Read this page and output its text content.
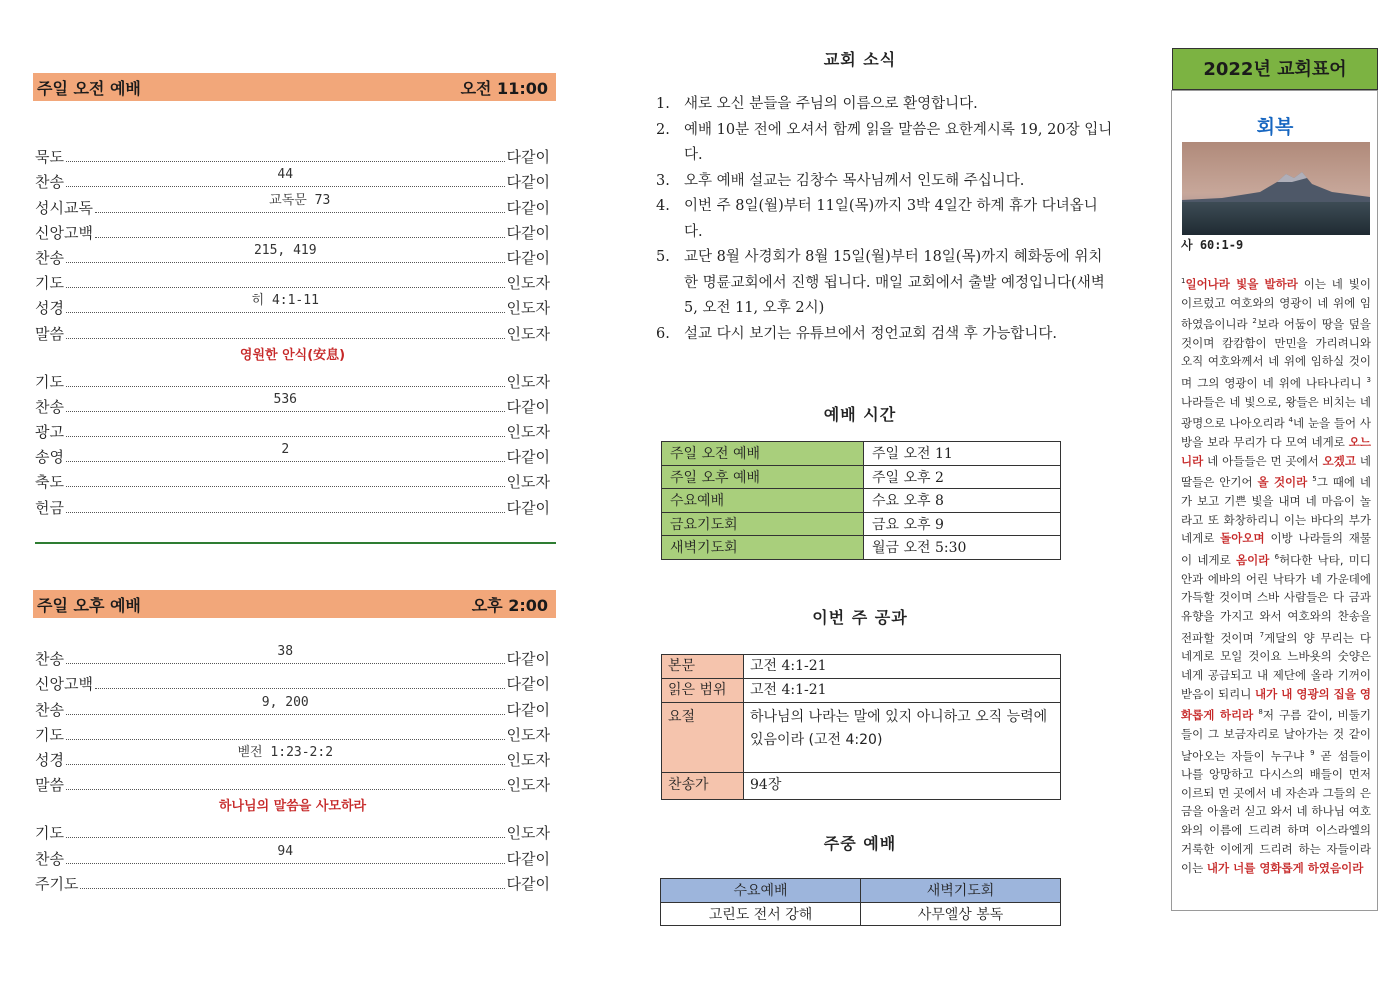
주일 오전 예배	오전 11:00
묵도	다같이
찬송	44	다같이
성시교독	교독문 73	다같이
신앙고백	다같이
찬송	215, 419	다같이
기도	인도자
성경	히 4:1-11	인도자
말씀	인도자
영원한 안식(安息)
기도	인도자
찬송	536	다같이
광고	인도자
송영	2	다같이
축도	인도자
헌금	다같이
주일 오후 예배	오후 2:00
찬송	38	다같이
신앙고백	다같이
찬송	9, 200	다같이
기도	인도자
성경	벧전 1:23-2:2	인도자
말씀	인도자
하나님의 말씀을 사모하라
기도	인도자
찬송	94	다같이
주기도	다같이
교회 소식
1. 새로 오신 분들을 주님의 이름으로 환영합니다.
2. 예배 10분 전에 오셔서 함께 읽을 말씀은 요한계시록 19, 20장 입니다.
3. 오후 예배 설교는 김창수 목사님께서 인도해 주십니다.
4. 이번 주 8일(월)부터 11일(목)까지 3박 4일간 하계 휴가 다녀옵니다.
5. 교단 8월 사경회가 8월 15일(월)부터 18일(목)까지 혜화동에 위치한 명륜교회에서 진행 됩니다. 매일 교회에서 출발 예정입니다(새벽 5, 오전 11, 오후 2시)
6. 설교 다시 보기는 유튜브에서 정언교회 검색 후 가능합니다.
예배 시간
주일 오전 예배	주일 오전 11
주일 오후 예배	주일 오후 2
수요예배	수요 오후 8
금요기도회	금요 오후 9
새벽기도회	월금 오전 5:30
이번 주 공과
본문	고전 4:1-21
읽은 범위	고전 4:1-21
요절	하나님의 나라는 말에 있지 아니하고 오직 능력에 있음이라 (고전 4:20)
찬송가	94장
주중 예배
수요예배	새벽기도회
고린도 전서 강해	사무엘상 봉독
2022년 교회표어
회복
사 60:1-9
$^1$일어나라 빛을 발하라 이는 네 빛이 이르렀고 여호와의 영광이 네 위에 임하였음이니라 $^2$보라 어둠이 땅을 덮을 것이며 캄캄함이 만민을 가리려니와 오직 여호와께서 네 위에 임하실 것이며 그의 영광이 네 위에 나타나리니 $^3$나라들은 네 빛으로, 왕들은 비치는 네 광명으로 나아오리라 $^4$네 눈을 들어 사방을 보라 무리가 다 모여 네게로 오느니라 네 아들들은 먼 곳에서 오겠고 네 딸들은 안기어 올 것이라 $^5$그 때에 네가 보고 기쁜 빛을 내며 네 마음이 놀라고 또 화창하리니 이는 바다의 부가 네게로 돌아오며 이방 나라들의 재물이 네게로 옴이라 $^6$허다한 낙타, 미디안과 에바의 어린 낙타가 네 가운데에 가득할 것이며 스바 사람들은 다 금과 유향을 가지고 와서 여호와의 찬송을 전파할 것이며 $^7$게달의 양 무리는 다 네게로 모일 것이요 느바욧의 숫양은 네게 공급되고 내 제단에 올라 기꺼이 받음이 되리니 내가 내 영광의 집을 영화롭게 하리라 $^8$저 구름 같이, 비둘기들이 그 보금자리로 날아가는 것 같이 날아오는 자들이 누구냐 $^9$ 곧 섬들이 나를 앙망하고 다시스의 배들이 먼저 이르되 먼 곳에서 네 자손과 그들의 은금을 아울러 싣고 와서 네 하나님 여호와의 이름에 드리려 하며 이스라엘의 거룩한 이에게 드리려 하는 자들이라 이는 내가 너를 영화롭게 하였음이라
